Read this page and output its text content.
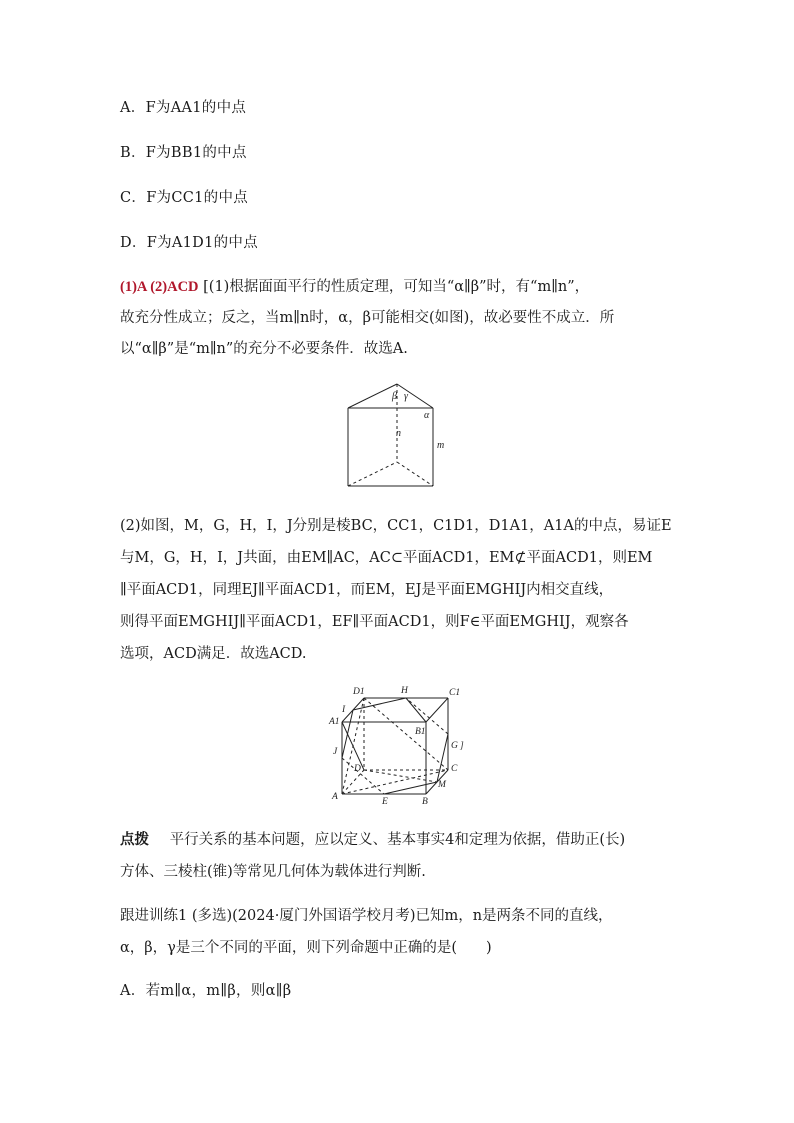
A．F为AA1的中点
B．F为BB1的中点
C．F为CC1的中点
D．F为A1D1的中点
(1)A (2)ACD [(1)根据面面平行的性质定理，可知当“α∥β”时，有“m∥n”，
故充分性成立；反之，当m∥n时，α，β可能相交(如图)，故必要性不成立．所
以“α∥β”是“m∥n”的充分不必要条件．故选A.
β γ
α
n
m
(2)如图，M，G，H，I，J分别是棱BC，CC1，C1D1，D1A1，A1A的中点，易证E
与M，G，H，I，J共面，由EM∥AC，AC⊂平面ACD1，EM⊄平面ACD1，则EM
∥平面ACD1，同理EJ∥平面ACD1，而EM，EJ是平面EMGHIJ内相交直线，
则得平面EMGHIJ∥平面ACD1，EF∥平面ACD1，则F∈平面EMGHIJ，观察各
选项，ACD满足．故选ACD.
D1	H	C1
A1
I
B1
J
G ]
D	C
M
A	E	B
点拨 平行关系的基本问题，应以定义、基本事实4和定理为依据，借助正(长)
方体、三棱柱(锥)等常见几何体为载体进行判断.
跟进训练1 (多选)(2024·厦门外国语学校月考)已知m，n是两条不同的直线，
α，β，γ是三个不同的平面，则下列命题中正确的是(　　)
A．若m∥α，m∥β，则α∥β
